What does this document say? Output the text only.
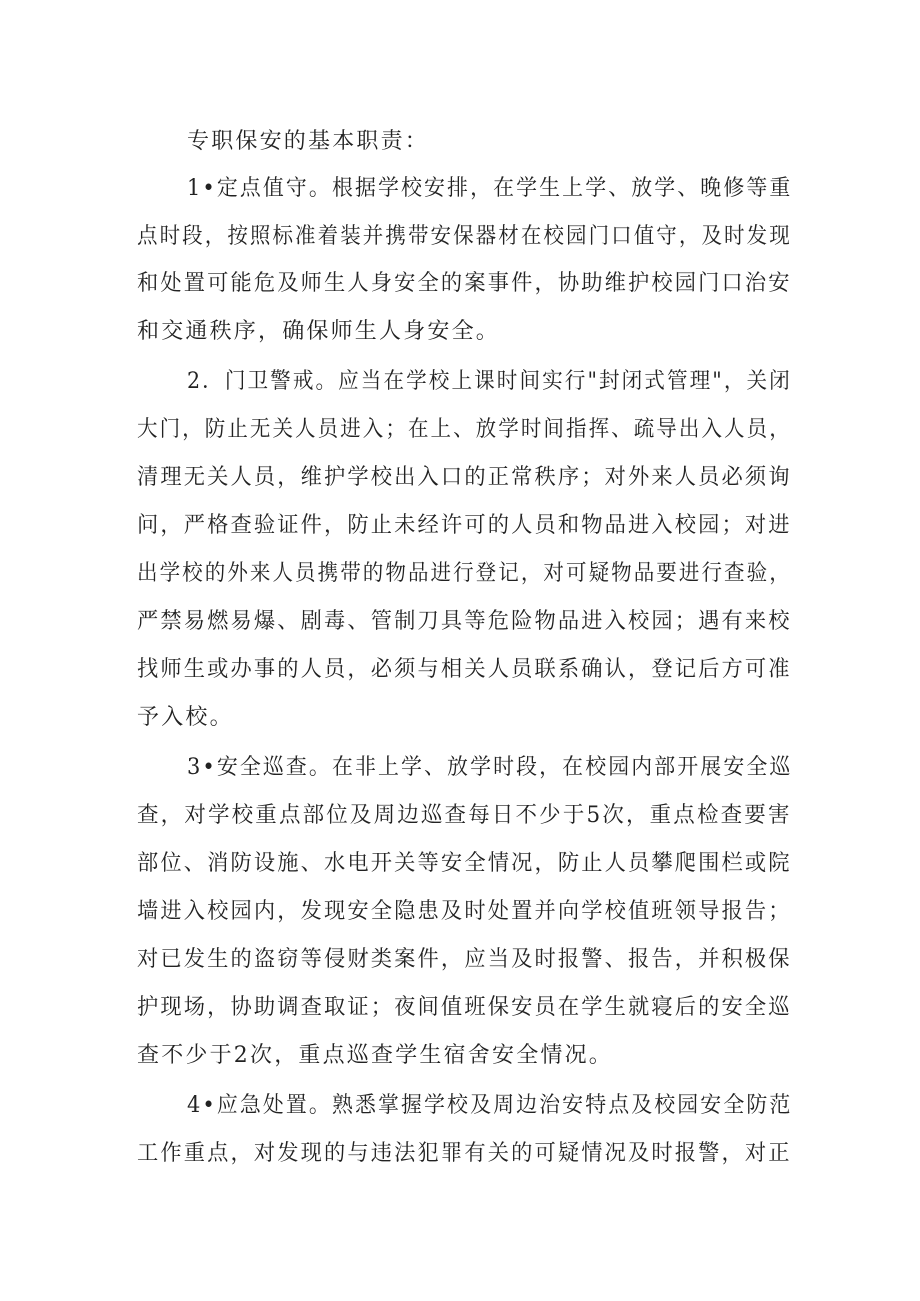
专职保安的基本职责：
1•定点值守。根据学校安排，在学生上学、放学、晚修等重
点时段，按照标准着装并携带安保器材在校园门口值守，及时发现
和处置可能危及师生人身安全的案事件，协助维护校园门口治安
和交通秩序，确保师生人身安全。
2．门卫警戒。应当在学校上课时间实行"封闭式管理"，关闭
大门，防止无关人员进入；在上、放学时间指挥、疏导出入人员，
清理无关人员，维护学校出入口的正常秩序；对外来人员必须询
问，严格查验证件，防止未经许可的人员和物品进入校园；对进
出学校的外来人员携带的物品进行登记，对可疑物品要进行查验，
严禁易燃易爆、剧毒、管制刀具等危险物品进入校园；遇有来校
找师生或办事的人员，必须与相关人员联系确认，登记后方可准
予入校。
3•安全巡查。在非上学、放学时段，在校园内部开展安全巡
查，对学校重点部位及周边巡查每日不少于5次，重点检查要害
部位、消防设施、水电开关等安全情况，防止人员攀爬围栏或院
墙进入校园内，发现安全隐患及时处置并向学校值班领导报告；
对已发生的盗窃等侵财类案件，应当及时报警、报告，并积极保
护现场，协助调查取证；夜间值班保安员在学生就寝后的安全巡
查不少于2次，重点巡查学生宿舍安全情况。
4•应急处置。熟悉掌握学校及周边治安特点及校园安全防范
工作重点，对发现的与违法犯罪有关的可疑情况及时报警，对正
